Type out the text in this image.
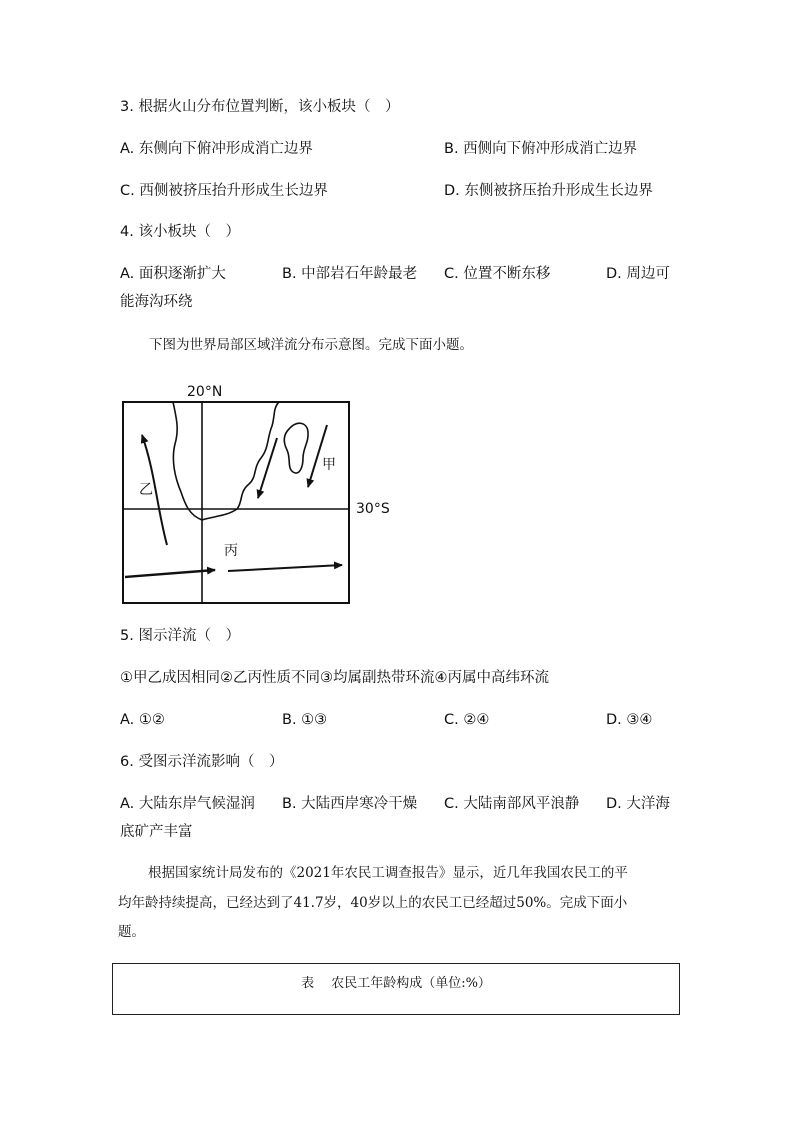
3. 根据火山分布位置判断，该小板块（　）
A. 东侧向下俯冲形成消亡边界	B. 西侧向下俯冲形成消亡边界
C. 西侧被挤压抬升形成生长边界	D. 东侧被挤压抬升形成生长边界
4. 该小板块（　）
A. 面积逐渐扩大	B. 中部岩石年龄最老 C. 位置不断东移	D. 周边可
能海沟环绕
下图为世界局部区域洋流分布示意图。完成下面小题。
20°N
30°S
甲
乙
丙
5. 图示洋流（　）
①甲乙成因相同②乙丙性质不同③均属副热带环流④丙属中高纬环流
A. ①②	B. ①③	C. ②④	D. ③④
6. 受图示洋流影响（　）
A. 大陆东岸气候湿润 B. 大陆西岸寒冷干燥 C. 大陆南部风平浪静 D. 大洋海
底矿产丰富
根据国家统计局发布的《2021年农民工调查报告》显示，近几年我国农民工的平
均年龄持续提高，已经达到了41.7岁，40岁以上的农民工已经超过50%。完成下面小
题。
表　 农民工年龄构成（单位:%）
